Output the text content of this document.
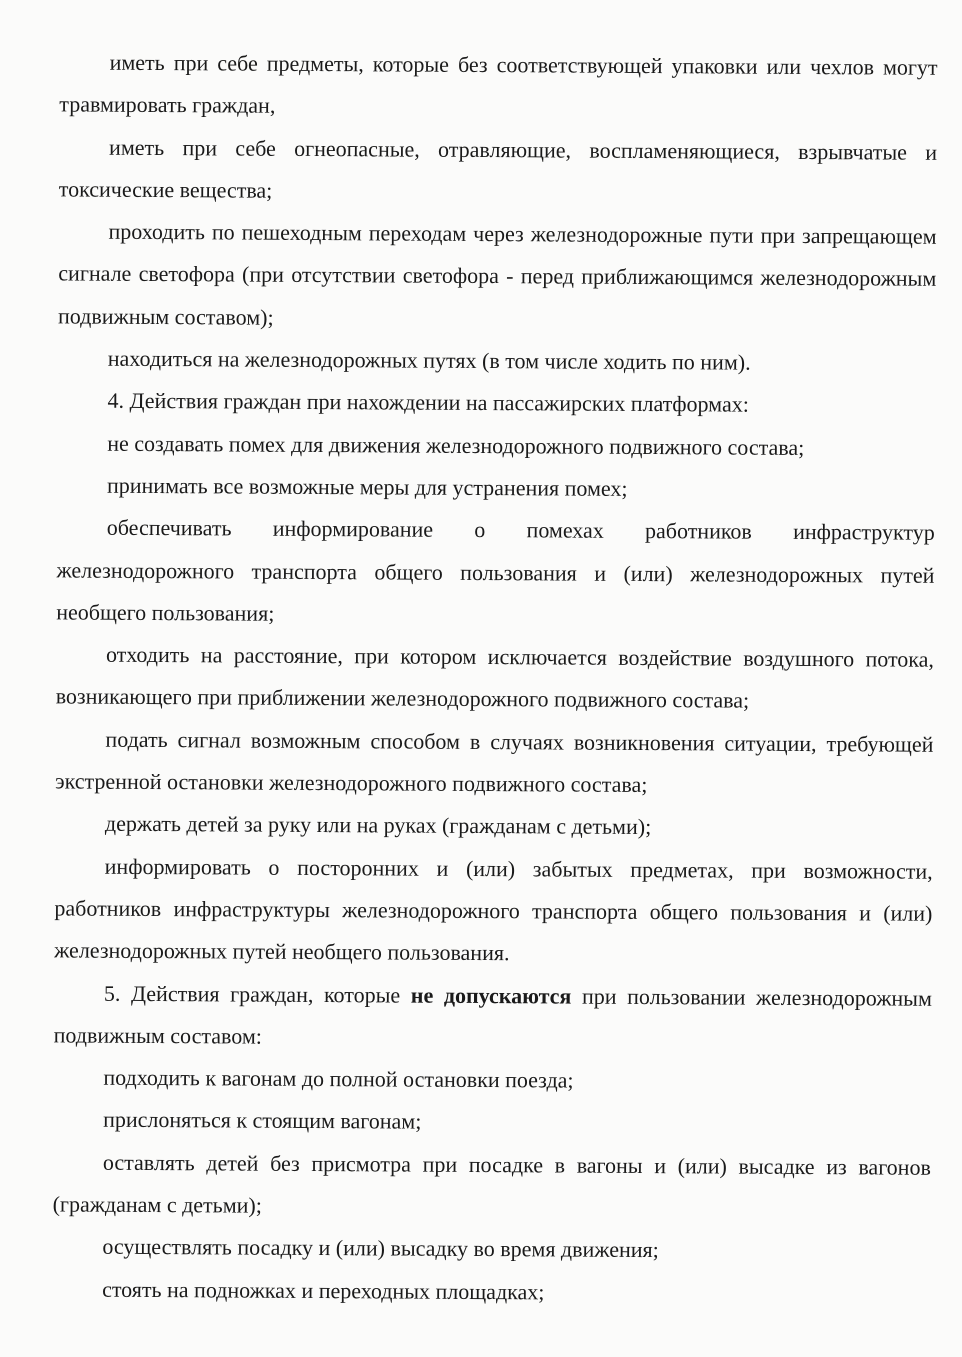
иметь при себе предметы, которые без соответствующей упаковки или чехлов могут травмировать граждан,

иметь при себе огнеопасные, отравляющие, воспламеняющиеся, взрывчатые и токсические вещества;

проходить по пешеходным переходам через железнодорожные пути при запрещающем сигнале светофора (при отсутствии светофора - перед приближающимся железнодорожным подвижным составом);

находиться на железнодорожных путях (в том числе ходить по ним).

4. Действия граждан при нахождении на пассажирских платформах:

не создавать помех для движения железнодорожного подвижного состава;

принимать все возможные меры для устранения помех;

обеспечивать информирование о помехах работников инфраструктур железнодорожного транспорта общего пользования и (или) железнодорожных путей необщего пользования;

отходить на расстояние, при котором исключается воздействие воздушного потока, возникающего при приближении железнодорожного подвижного состава;

подать сигнал возможным способом в случаях возникновения ситуации, требующей экстренной остановки железнодорожного подвижного состава;

держать детей за руку или на руках (гражданам с детьми);

информировать о посторонних и (или) забытых предметах, при возможности, работников инфраструктуры железнодорожного транспорта общего пользования и (или) железнодорожных путей необщего пользования.

5. Действия граждан, которые не допускаются при пользовании железнодорожным подвижным составом:

подходить к вагонам до полной остановки поезда;

прислоняться к стоящим вагонам;

оставлять детей без присмотра при посадке в вагоны и (или) высадке из вагонов (гражданам с детьми);

осуществлять посадку и (или) высадку во время движения;

стоять на подножках и переходных площадках;
